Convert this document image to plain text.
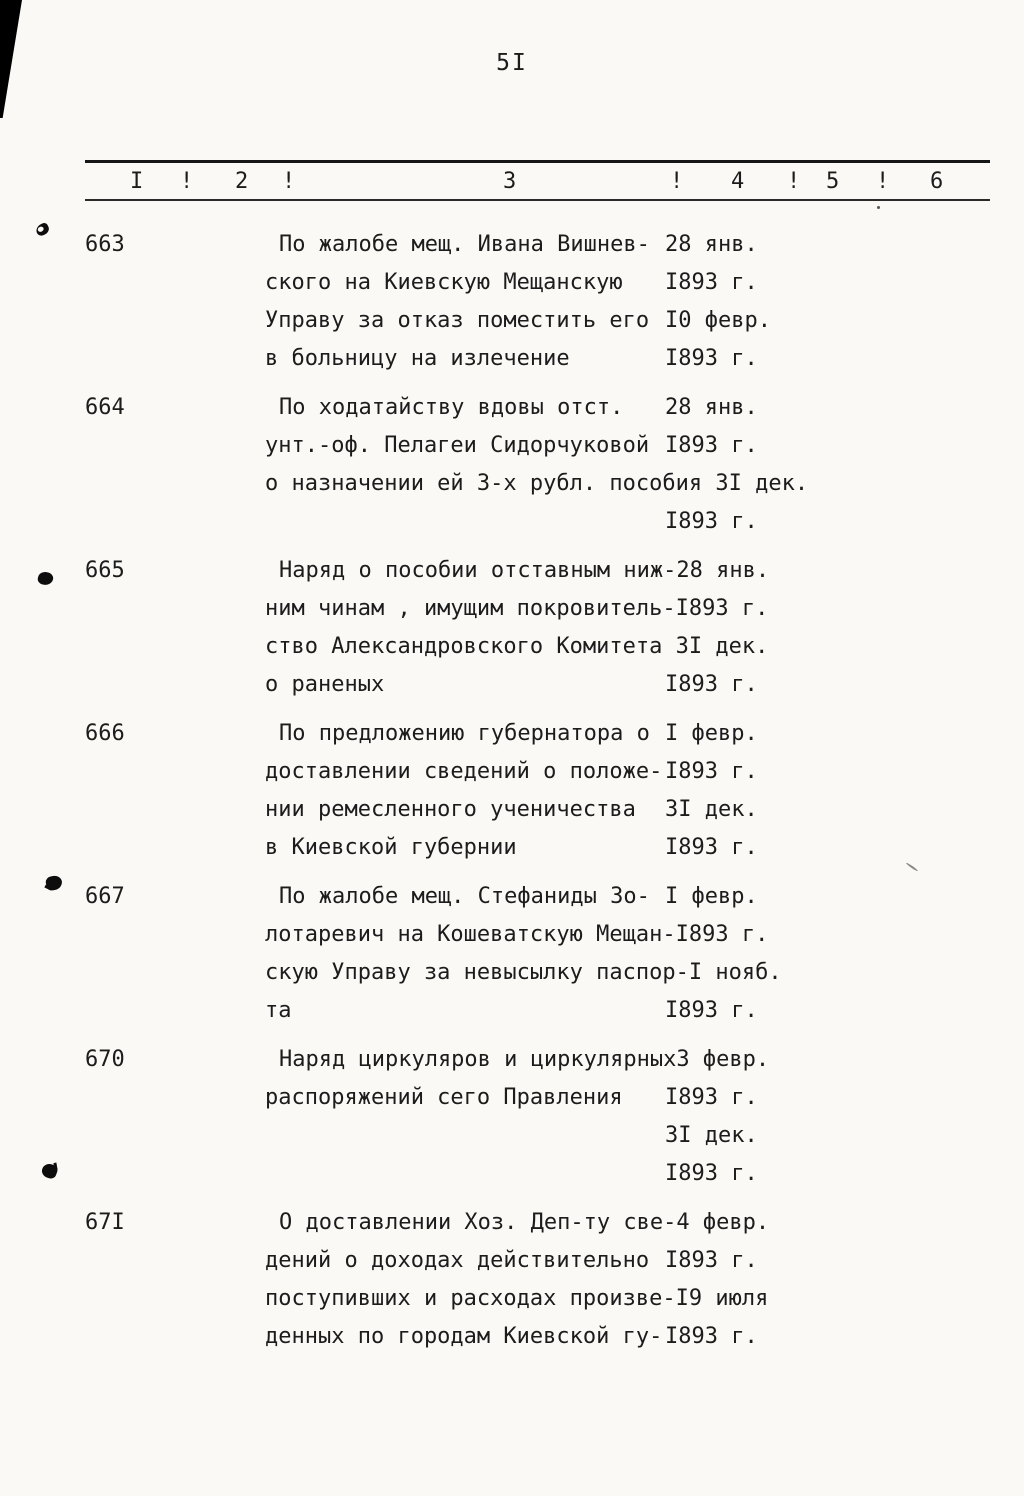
5I
I ! 2 !	3	! 4 ! 5 ! 6
663	По жалобе мещ. Ивана Вишнев- 28 янв.
ского на Киевскую Мещанскую	I893 г.
Управу за отказ поместить его I0 февр.
в больницу на излечение	I893 г.
664	По ходатайству вдовы отст.	28 янв.
унт.-оф. Пелагеи Сидорчуковой I893 г.
о назначении ей 3-х рубл. пособия 3I дек.
I893 г.
665	Наряд о пособии отставным ниж- 28 янв.
ним чинам , имущим покровитель- I893 г.
ство Александровского Комитета 3I дек.
о раненых	I893 г.
666	По предложению губернатора о I февр.
доставлении сведений о положе- I893 г.
нии ремесленного ученичества	3I дек.
в Киевской губернии	I893 г.
667	По жалобе мещ. Стефаниды Зо- I февр.
лотаревич на Кошеватскую Мещан- I893 г.
скую Управу за невысылку паспор- I нояб.
та	I893 г.
670	Наряд циркуляров и циркулярных 3 февр.
распоряжений сего Правления	I893 г.
3I дек.
I893 г.
67I	О доставлении Хоз. Деп-ту све- 4 февр.
дений о доходах действительно I893 г.
поступивших и расходах произве- I9 июля
денных по городам Киевской гу- I893 г.
